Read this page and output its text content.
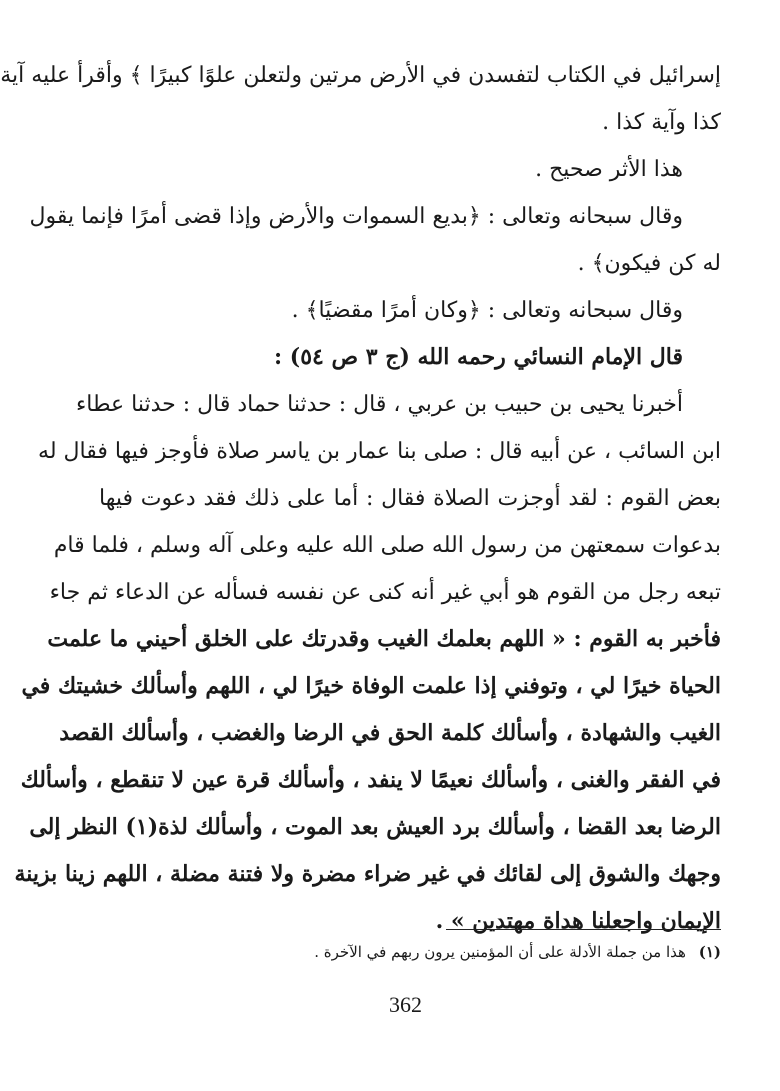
إسرائيل في الكتاب لتفسدن في الأرض مرتين ولتعلن علوًا كبيرًا ﴾ وأقرأ عليه آية
كذا وآية كذا .
هذا الأثر صحيح .
وقال سبحانه وتعالى : ﴿بديع السموات والأرض وإذا قضى أمرًا فإنما يقول
له كن فيكون﴾ .
وقال سبحانه وتعالى : ﴿وكان أمرًا مقضيًا﴾ .
قال الإمام النسائي رحمه الله (ج ٣ ص ٥٤) :
أخبرنا يحيى بن حبيب بن عربي ، قال : حدثنا حماد قال : حدثنا عطاء
ابن السائب ، عن أبيه قال : صلى بنا عمار بن ياسر صلاة فأوجز فيها فقال له
بعض القوم : لقد أوجزت الصلاة فقال : أما على ذلك فقد دعوت فيها
بدعوات سمعتهن من رسول الله صلى الله عليه وعلى آله وسلم ، فلما قام
تبعه رجل من القوم هو أبي غير أنه كنى عن نفسه فسأله عن الدعاء ثم جاء
فأخبر به القوم : « اللهم بعلمك الغيب وقدرتك على الخلق أحيني ما علمت
الحياة خيرًا لي ، وتوفني إذا علمت الوفاة خيرًا لي ، اللهم وأسألك خشيتك في
الغيب والشهادة ، وأسألك كلمة الحق في الرضا والغضب ، وأسألك القصد
في الفقر والغنى ، وأسألك نعيمًا لا ينفد ، وأسألك قرة عين لا تنقطع ، وأسألك
الرضا بعد القضا ، وأسألك برد العيش بعد الموت ، وأسألك لذة(١) النظر إلى
وجهك والشوق إلى لقائك في غير ضراء مضرة ولا فتنة مضلة ، اللهم زينا بزينة
الإيمان واجعلنا هداة مهتدين » .
(١) هذا من جملة الأدلة على أن المؤمنين يرون ربهم في الآخرة .
362
